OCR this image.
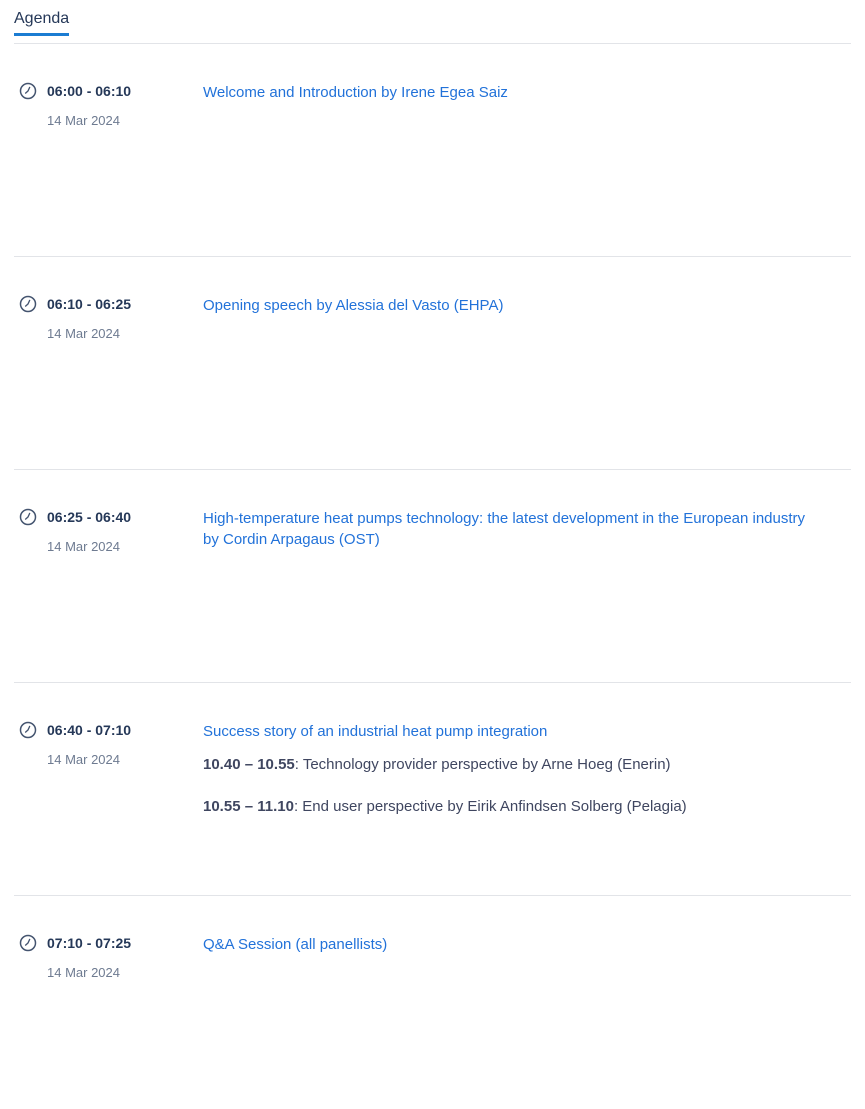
Agenda
06:00 - 06:10
14 Mar 2024
Welcome and Introduction by Irene Egea Saiz
06:10 - 06:25
14 Mar 2024
Opening speech by Alessia del Vasto (EHPA)
06:25 - 06:40
14 Mar 2024
High-temperature heat pumps technology: the latest development in the European industry by Cordin Arpagaus (OST)
06:40 - 07:10
14 Mar 2024
Success story of an industrial heat pump integration

10.40 – 10.55: Technology provider perspective by Arne Hoeg (Enerin)

10.55 – 11.10: End user perspective by Eirik Anfindsen Solberg (Pelagia)

07:10 - 07:25
14 Mar 2024
Q&A Session (all panellists)
